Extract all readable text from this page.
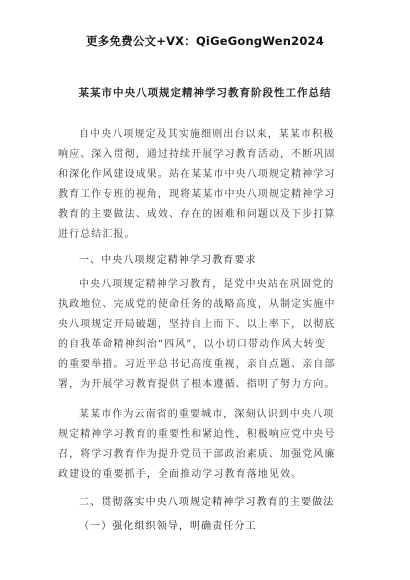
更多免费公文+VX：QiGeGongWen2024
某某市中央八项规定精神学习教育阶段性工作总结
自中央八项规定及其实施细则出台以来，某某市积极
响应、深入贯彻，通过持续开展学习教育活动，不断巩固
和深化作风建设成果。站在某某市中央八项规定精神学习
教育工作专班的视角，现将某某市中央八项规定精神学习
教育的主要做法、成效、存在的困难和问题以及下步打算
进行总结汇报。
一、中央八项规定精神学习教育要求
中央八项规定精神学习教育，是党中央站在巩固党的
执政地位、完成党的使命任务的战略高度，从制定实施中
央八项规定开局破题，坚持自上而下、以上率下，以彻底
的自我革命精神纠治“四风”，以小切口带动作风大转变
的重要举措。习近平总书记高度重视，亲自点题、亲自部
署，为开展学习教育提供了根本遵循、指明了努力方向。
某某市作为云南省的重要城市，深刻认识到中央八项
规定精神学习教育的重要性和紧迫性，积极响应党中央号
召，将学习教育作为提升党员干部政治素质、加强党风廉
政建设的重要抓手，全面推动学习教育落地见效。
二、贯彻落实中央八项规定精神学习教育的主要做法
（一）强化组织领导，明确责任分工
